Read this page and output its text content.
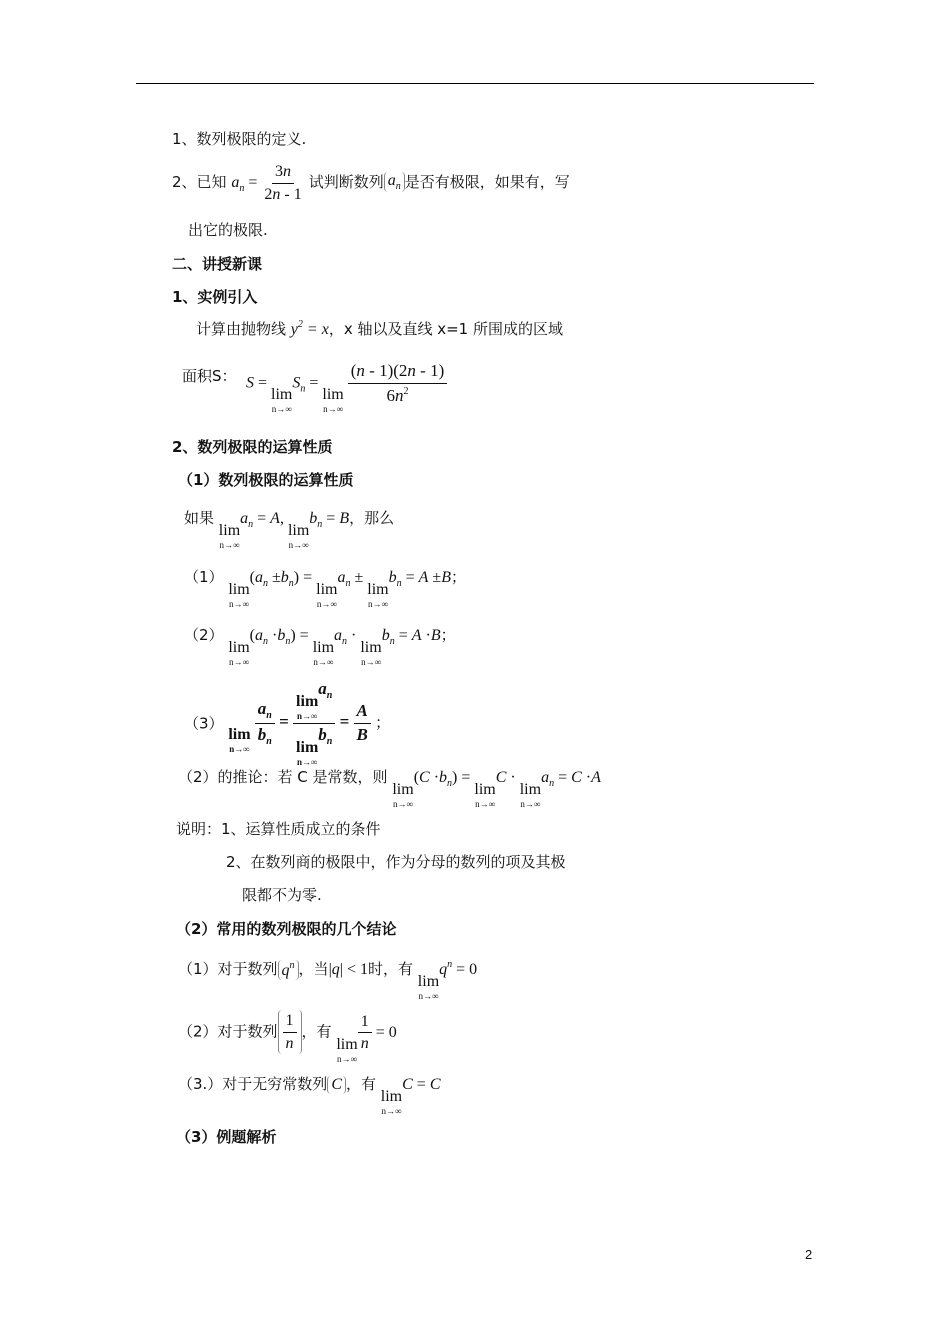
1、数列极限的定义.
2、已知 $a_n = \frac{3n}{2n - 1}$ 试判断数列 $a_n$ 是否有极限，如果有，写
出它的极限.
二、讲授新课
1、实例引入
计算由抛物线 $y^2 = x$，x 轴以及直线 x=1 所围成的区域
面积S： S =
lim
n→∞
$S_n$ =
lim
n→∞

$\frac{(n - 1)(2n - 1)}{6n^2}$
2、数列极限的运算性质
（1）数列极限的运算性质
如果
lim
n→∞
$a_n = A$,
lim
n→∞
$b_n = B$，那么
（1）
lim
n→∞
$(a_n \pm b_n)$ =
lim
n→∞
$a_n$ ±
lim
n→∞
$b_n = A \pm B$；
（2）
lim
n→∞
$(a_n \cdot b_n)$ =
lim
n→∞
$a_n$ ·
lim
n→∞
$b_n = A \cdot B$；
（3）
lim
n→∞

$\frac{a_n}{b_n} = \lim$
n→∞
$a_n$
lim
n→∞
$b_n = \frac{A}{B}$ ；
（2）的推论：若 C 是常数，则
lim
n→∞
$(C \cdot b_n)$ =
lim
n→∞
C ·
lim
n→∞
$a_n = C \cdot A$
说明：1、运算性质成立的条件
2、在数列商的极限中，作为分母的数列的项及其极
限都不为零.
（2）常用的数列极限的几个结论
（1）对于数列 $q^n$ ，当|q| < 1时，有
lim
n→∞
$q^n = 0$
（2）对于数列 $\frac{1}{n}$ ，有
lim
n→∞
$\frac{1}{n} = 0$
（3.）对于无穷常数列 C ，有
lim
n→∞
C = C
（3）例题解析
2
